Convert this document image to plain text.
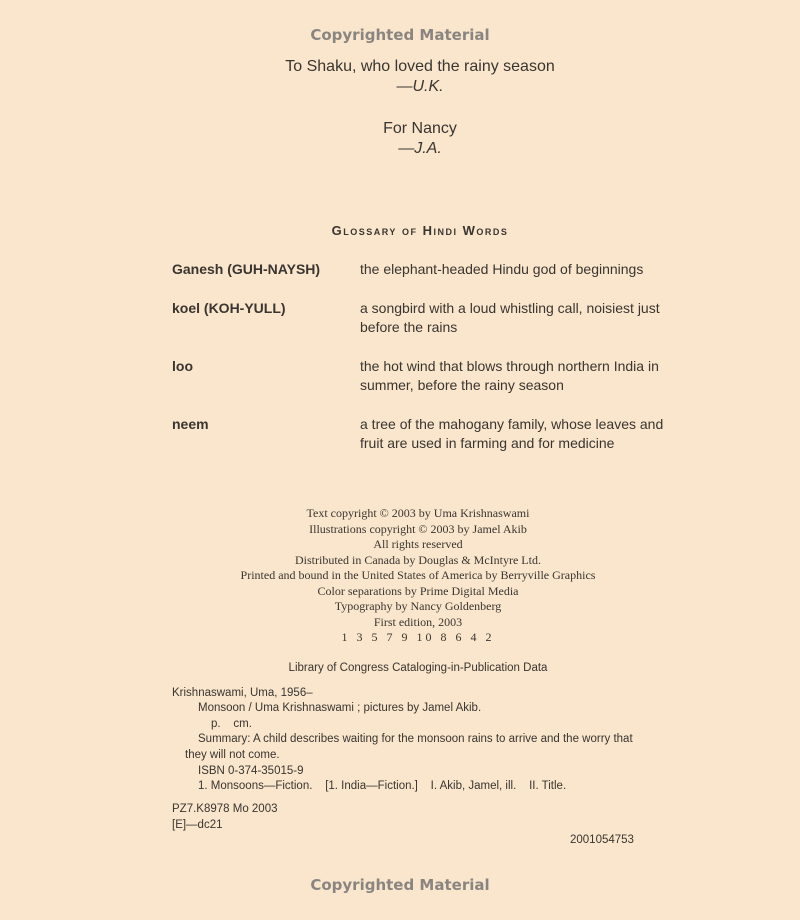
Copyrighted Material
To Shaku, who loved the rainy season
—U.K.
For Nancy
—J.A.
Glossary of Hindi Words
Ganesh (GUH-NAYSH)	the elephant-headed Hindu god of beginnings
koel (KOH-YULL)	a songbird with a loud whistling call, noisiest just before the rains
loo	the hot wind that blows through northern India in summer, before the rainy season
neem	a tree of the mahogany family, whose leaves and fruit are used in farming and for medicine
Text copyright © 2003 by Uma Krishnaswami
Illustrations copyright © 2003 by Jamel Akib
All rights reserved
Distributed in Canada by Douglas & McIntyre Ltd.
Printed and bound in the United States of America by Berryville Graphics
Color separations by Prime Digital Media
Typography by Nancy Goldenberg
First edition, 2003
1 3 5 7 9 10 8 6 4 2
Library of Congress Cataloging-in-Publication Data
Krishnaswami, Uma, 1956–
Monsoon / Uma Krishnaswami ; pictures by Jamel Akib.
p.    cm.
Summary: A child describes waiting for the monsoon rains to arrive and the worry that
they will not come.
ISBN 0-374-35015-9
1. Monsoons—Fiction.    [1. India—Fiction.]    I. Akib, Jamel, ill.    II. Title.
PZ7.K8978 Mo 2003
[E]—dc21
2001054753
Copyrighted Material
